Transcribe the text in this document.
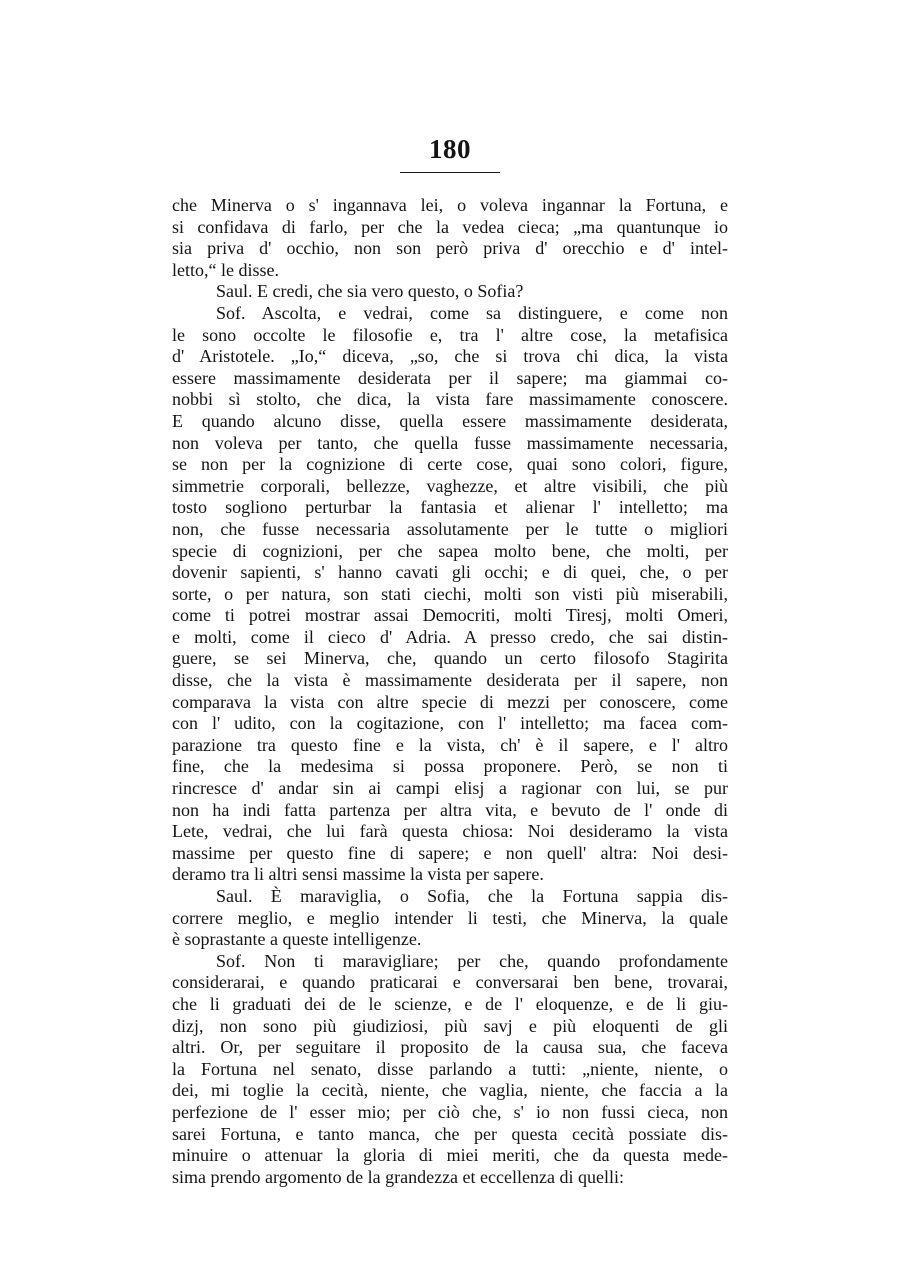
180
che Minerva o s' ingannava lei, o voleva ingannar la Fortuna, e
si confidava di farlo, per che la vedea cieca; „ma quantunque io
sia priva d' occhio, non son però priva d' orecchio e d' intel-
letto,“ le disse.
Saul. E credi, che sia vero questo, o Sofia?
Sof. Ascolta, e vedrai, come sa distinguere, e come non
le sono occolte le filosofie e, tra l' altre cose, la metafisica
d' Aristotele. „Io,“ diceva, „so, che si trova chi dica, la vista
essere massimamente desiderata per il sapere; ma giammai co-
nobbi sì stolto, che dica, la vista fare massimamente conoscere.
E quando alcuno disse, quella essere massimamente desiderata,
non voleva per tanto, che quella fusse massimamente necessaria,
se non per la cognizione di certe cose, quai sono colori, figure,
simmetrie corporali, bellezze, vaghezze, et altre visibili, che più
tosto sogliono perturbar la fantasia et alienar l' intelletto; ma
non, che fusse necessaria assolutamente per le tutte o migliori
specie di cognizioni, per che sapea molto bene, che molti, per
dovenir sapienti, s' hanno cavati gli occhi; e di quei, che, o per
sorte, o per natura, son stati ciechi, molti son visti più miserabili,
come ti potrei mostrar assai Democriti, molti Tiresj, molti Omeri,
e molti, come il cieco d' Adria. A presso credo, che sai distin-
guere, se sei Minerva, che, quando un certo filosofo Stagirita
disse, che la vista è massimamente desiderata per il sapere, non
comparava la vista con altre specie di mezzi per conoscere, come
con l' udito, con la cogitazione, con l' intelletto; ma facea com-
parazione tra questo fine e la vista, ch' è il sapere, e l' altro
fine, che la medesima si possa proponere. Però, se non ti
rincresce d' andar sin ai campi elisj a ragionar con lui, se pur
non ha indi fatta partenza per altra vita, e bevuto de l' onde di
Lete, vedrai, che lui farà questa chiosa: Noi desideramo la vista
massime per questo fine di sapere; e non quell' altra: Noi desi-
deramo tra li altri sensi massime la vista per sapere.
Saul. È maraviglia, o Sofia, che la Fortuna sappia dis-
correre meglio, e meglio intender li testi, che Minerva, la quale
è soprastante a queste intelligenze.
Sof. Non ti maravigliare; per che, quando profondamente
considerarai, e quando praticarai e conversarai ben bene, trovarai,
che li graduati dei de le scienze, e de l' eloquenze, e de li giu-
dizj, non sono più giudiziosi, più savj e più eloquenti de gli
altri. Or, per seguitare il proposito de la causa sua, che faceva
la Fortuna nel senato, disse parlando a tutti: „niente, niente, o
dei, mi toglie la cecità, niente, che vaglia, niente, che faccia a la
perfezione de l' esser mio; per ciò che, s' io non fussi cieca, non
sarei Fortuna, e tanto manca, che per questa cecità possiate dis-
minuire o attenuar la gloria di miei meriti, che da questa mede-
sima prendo argomento de la grandezza et eccellenza di quelli:
